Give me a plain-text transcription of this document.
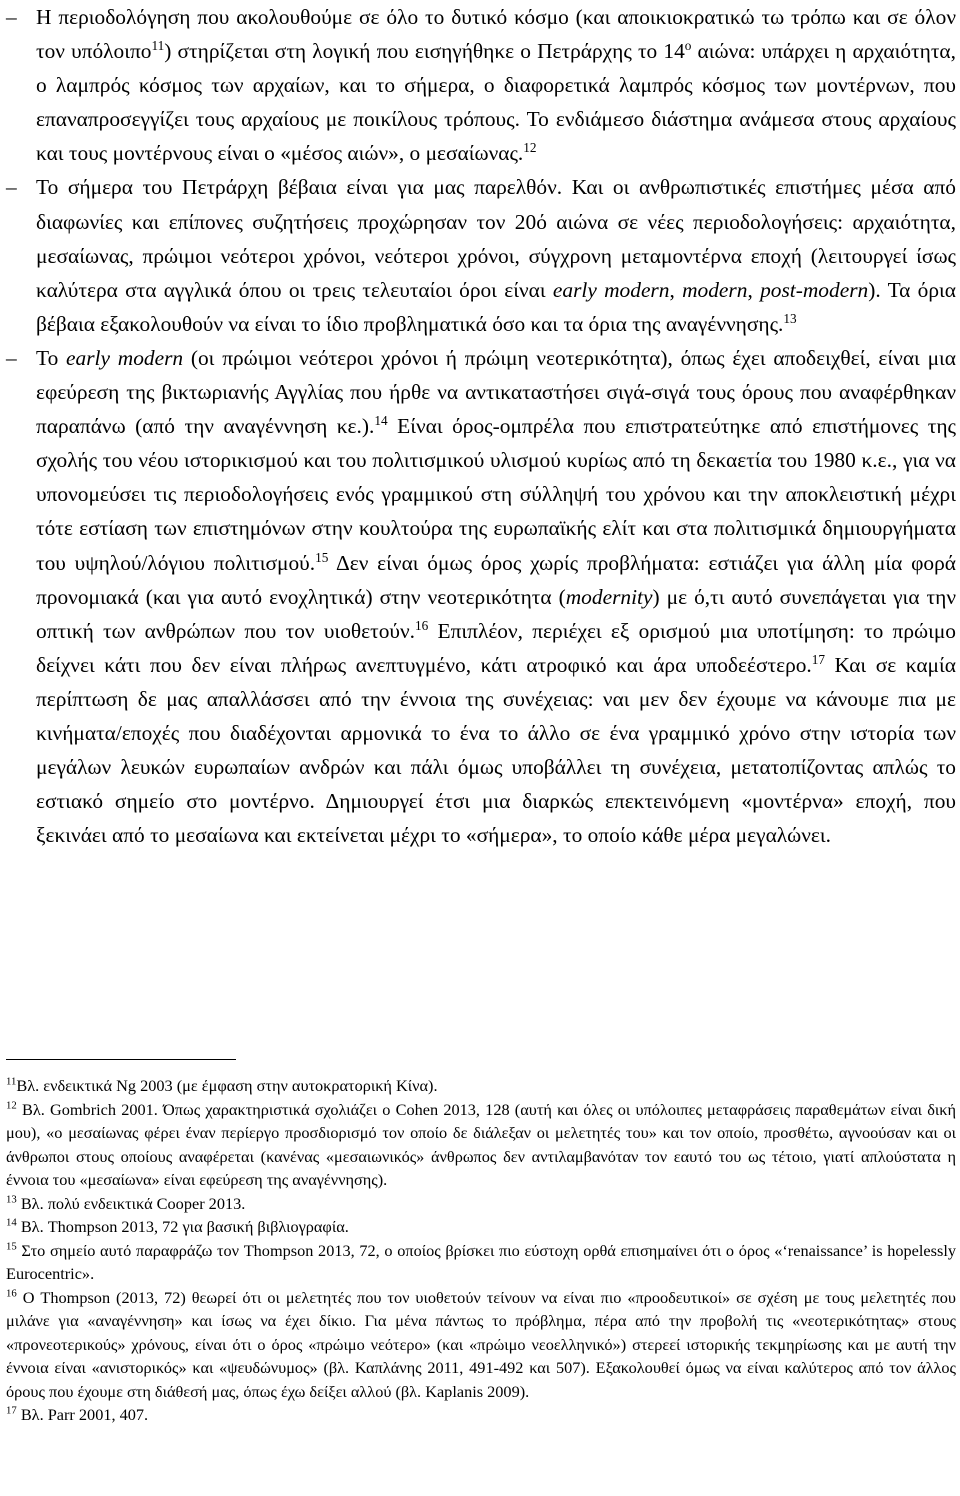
– Η περιοδολόγηση που ακολουθούμε σε όλο το δυτικό κόσμο (και αποικιοκρατικώ τω τρόπω και σε όλον τον υπόλοιπο$^{11}$) στηρίζεται στη λογική που εισηγήθηκε ο Πετράρχης το $14^o$ αιώνα: υπάρχει η αρχαιότητα, ο λαμπρός κόσμος των αρχαίων, και το σήμερα, ο διαφορετικά λαμπρός κόσμος των μοντέρνων, που επαναπροσεγγίζει τους αρχαίους με ποικίλους τρόπους. Το ενδιάμεσο διάστημα ανάμεσα στους αρχαίους και τους μοντέρνους είναι ο «μέσος αιών», ο μεσαίωνας.$^{12}$
– Το σήμερα του Πετράρχη βέβαια είναι για μας παρελθόν. Και οι ανθρωπιστικές επιστήμες μέσα από διαφωνίες και επίπονες συζητήσεις προχώρησαν τον 20ό αιώνα σε νέες περιοδολογήσεις: αρχαιότητα, μεσαίωνας, πρώιμοι νεότεροι χρόνοι, νεότεροι χρόνοι, σύγχρονη μεταμοντέρνα εποχή (λειτουργεί ίσως καλύτερα στα αγγλικά όπου οι τρεις τελευταίοι όροι είναι early modern, modern, post-modern). Τα όρια βέβαια εξακολουθούν να είναι το ίδιο προβληματικά όσο και τα όρια της αναγέννησης.$^{13}$
– Το early modern (οι πρώιμοι νεότεροι χρόνοι ή πρώιμη νεοτερικότητα), όπως έχει αποδειχθεί, είναι μια εφεύρεση της βικτωριανής Αγγλίας που ήρθε να αντικαταστήσει σιγά-σιγά τους όρους που αναφέρθηκαν παραπάνω (από την αναγέννηση κε.).$^{14}$ Είναι όρος-ομπρέλα που επιστρατεύτηκε από επιστήμονες της σχολής του νέου ιστορικισμού και του πολιτισμικού υλισμού κυρίως από τη δεκαετία του 1980 κ.ε., για να υπονομεύσει τις περιοδολογήσεις ενός γραμμικού στη σύλληψή του χρόνου και την αποκλειστική μέχρι τότε εστίαση των επιστημόνων στην κουλτούρα της ευρωπαϊκής ελίτ και στα πολιτισμικά δημιουργήματα του υψηλού/λόγιου πολιτισμού.$^{15}$ Δεν είναι όμως όρος χωρίς προβλήματα: εστιάζει για άλλη μία φορά πρoνομιακά (και για αυτό ενοχλητικά) στην νεοτερικότητα (modernity) με ό,τι αυτό συνεπάγεται για την οπτική των ανθρώπων που τον υιοθετούν.$^{16}$ Επιπλέον, περιέχει εξ ορισμού μια υποτίμηση: το πρώιμο δείχνει κάτι που δεν είναι πλήρως ανεπτυγμένο, κάτι ατροφικό και άρα υποδεέστερο.$^{17}$ Και σε καμία περίπτωση δε μας απαλλάσσει από την έννοια της συνέχειας: ναι μεν δεν έχουμε να κάνουμε πια με κινήματα/εποχές που διαδέχονται αρμονικά το ένα το άλλο σε ένα γραμμικό χρόνο στην ιστορία των μεγάλων λευκών ευρωπαίων ανδρών και πάλι όμως υποβάλλει τη συνέχεια, μετατοπίζοντας απλώς το εστιακό σημείο στο μοντέρνο. Δημιουργεί έτσι μια διαρκώς επεκτεινόμενη «μοντέρνα» εποχή, που ξεκινάει από το μεσαίωνα και εκτείνεται μέχρι το «σήμερα», το οποίο κάθε μέρα μεγαλώνει.

$^{11}$Βλ. ενδεικτικά Ng 2003 (με έμφαση στην αυτοκρατορική Κίνα).

$^{12}$ Βλ. Gombrich 2001. Όπως χαρακτηριστικά σχολιάζει ο Cohen 2013, 128 (αυτή και όλες οι υπόλοιπες μεταφράσεις παραθεμάτων είναι δική μου), «ο μεσαίωνας φέρει έναν περίεργο προσδιορισμό τον οποίο δε διάλεξαν οι μελετητές του» και τον οποίο, προσθέτω, αγνοούσαν και οι άνθρωποι στους οποίους αναφέρεται (κανένας «μεσαιωνικός» άνθρωπος δεν αντιλαμβανόταν τον εαυτό του ως τέτοιο, γιατί απλούστατα η έννοια του «μεσαίωνα» είναι εφεύρεση της αναγέννησης).

$^{13}$ Βλ. πολύ ενδεικτικά Cooper 2013.

$^{14}$ Βλ. Thompson 2013, 72 για βασική βιβλιογραφία.

$^{15}$ Στο σημείο αυτό παραφράζω τον Thompson 2013, 72, ο οποίος βρίσκει πιο εύστοχη ορθά επισημαίνει ότι ο όρος «‘renaissance’ is hopelessly Eurocentric».

$^{16}$ Ο Thompson (2013, 72) θεωρεί ότι οι μελετητές που τον υιοθετούν τείνουν να είναι πιο «προοδευτικοί» σε σχέση με τους μελετητές που μιλάνε για «αναγέννηση» και ίσως να έχει δίκιο. Για μένα πάντως το πρόβλημα, πέρα από την προβολή τις «νεοτερικότητας» στους «προνεοτερικούς» χρόνους, είναι ότι ο όρος «πρώιμο νεότερο» (και «πρώιμο νεοελληνικό») στερεεί ιστορικής τεκμηρίωσης και με αυτή την έννοια είναι «ανιστορικός» και «ψευδώνυμος» (βλ. Καπλάνης 2011, 491-492 και 507). Εξακολουθεί όμως να είναι καλύτερος από τον άλλος όρους που έχουμε στη διάθεσή μας, όπως έχω δείξει αλλού (βλ. Kaplanis 2009).

$^{17}$ Βλ. Parr 2001, 407.
